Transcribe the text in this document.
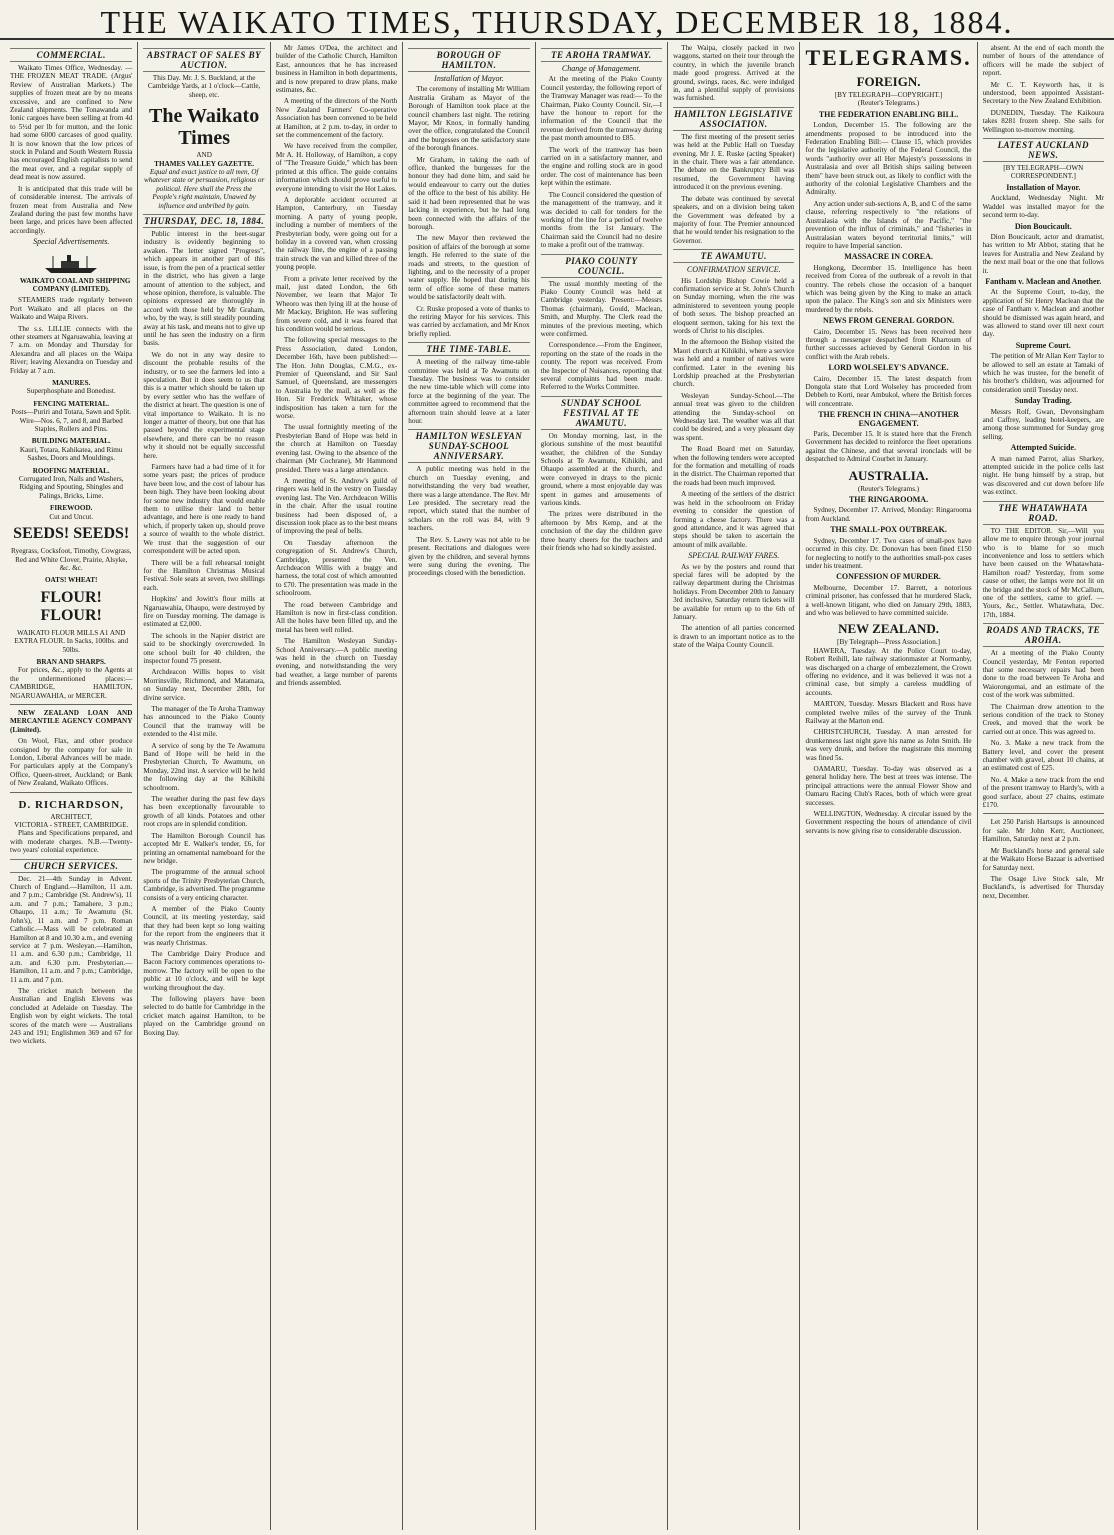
THE WAIKATO TIMES, THURSDAY, DECEMBER 18, 1884.
COMMERCIAL.

Waikato Times Office, Wednesday. — THE FROZEN MEAT TRADE. (Argus' Review of Australian Markets.) The supplies of frozen meat are by no means excessive, and are confined to New Zealand shipments. The Tonawanda and Ionic cargoes have been selling at from 4d to 5½d per lb for mutton, and the Ionic had some 6000 carcases of good quality. It is now known that the low prices of stock in Poland and South Western Russia has encouraged English capitalists to send the meat over, and a regular supply of dead meat is now assured.

It is anticipated that this trade will be of considerable interest. The arrivals of frozen meat from Australia and New Zealand during the past few months have been large, and prices have been affected accordingly.

Special Advertisements.

WAIKATO COAL AND SHIPPING COMPANY (LIMITED).

STEAMERS trade regularly between Port Waikato and all places on the Waikato and Waipa Rivers.

The s.s. LILLIE connects with the other steamers at Ngaruawahia, leaving at 7 a.m. on Monday and Thursday for Alexandra and all places on the Waipa River; leaving Alexandra on Tuesday and Friday at 7 a.m.

MANURES.
Superphosphate and Bonedust.
FENCING MATERIAL.
Posts—Puriri and Totara, Sawn and Split. Wire—Nos. 6, 7, and 8, and Barbed Staples, Rollers and Pins.
BUILDING MATERIAL.
Kauri, Totara, Kahikatea, and Rimu Sashes, Doors and Mouldings.
ROOFING MATERIAL.
Corrugated Iron, Nails and Washers, Ridging and Spouting, Shingles and Palings, Bricks, Lime.
FIREWOOD.
Cut and Uncut.
SEEDS! SEEDS!
Ryegrass, Cocksfoot, Timothy, Cowgrass, Red and White Clover, Prairie, Alsyke, &c. &c.
OATS! WHEAT!
FLOUR! FLOUR!
WAIKATO FLOUR MILLS A1 AND EXTRA FLOUR. In Sacks, 100lbs. and 50lbs.
BRAN AND SHARPS.

For prices, &c., apply to the Agents at the undermentioned places:— CAMBRIDGE, HAMILTON, NGARUAWAHIA, or MERCER.

NEW ZEALAND LOAN AND MERCANTILE AGENCY COMPANY (Limited).

On Wool, Flax, and other produce consigned by the company for sale in London, Liberal Advances will be made. For particulars apply at the Company's Office, Queen-street, Auckland; or Bank of New Zealand, Waikato Offices.

D. RICHARDSON,
ARCHITECT,
VICTORIA - STREET, CAMBRIDGE.

Plans and Specifications prepared, and with moderate charges. N.B.—Twenty-two years' colonial experience.

CHURCH SERVICES.

Dec. 21—4th Sunday in Advent. Church of England.—Hamilton, 11 a.m. and 7 p.m.; Cambridge (St. Andrew's), 11 a.m. and 7 p.m.; Tamahere, 3 p.m.; Ohaupo, 11 a.m.; Te Awamutu (St. John's), 11 a.m. and 7 p.m. Roman Catholic.—Mass will be celebrated at Hamilton at 8 and 10.30 a.m., and evening service at 7 p.m. Wesleyan.—Hamilton, 11 a.m. and 6.30 p.m.; Cambridge, 11 a.m. and 6.30 p.m. Presbyterian.—Hamilton, 11 a.m. and 7 p.m.; Cambridge, 11 a.m. and 7 p.m.

The cricket match between the Australian and English Elevens was concluded at Adelaide on Tuesday. The English won by eight wickets. The total scores of the match were — Australians 243 and 191; Englishmen 369 and 67 for two wickets.

ABSTRACT OF SALES BY AUCTION.

This Day. Mr. J. S. Buckland, at the Cambridge Yards, at 1 o'clock—Cattle, sheep, etc.

The Waikato Times
AND
THAMES VALLEY GAZETTE.

Equal and exact justice to all men, Of whatever state or persuasion, religious or political. Here shall the Press the People's right maintain, Unawed by influence and unbribed by gain.

THURSDAY, DEC. 18, 1884.

Public interest in the beet-sugar industry is evidently beginning to awaken. The letter signed "Progress", which appears in another part of this issue, is from the pen of a practical settler in the district, who has given a large amount of attention to the subject, and whose opinion, therefore, is valuable. The opinions expressed are thoroughly in accord with those held by Mr Graham, who, by the way, is still steadily pounding away at his task, and means not to give up until he has seen the industry on a firm basis.

We do not in any way desire to discount the probable results of the industry, or to see the farmers led into a speculation. But it does seem to us that this is a matter which should be taken up by every settler who has the welfare of the district at heart. The question is one of vital importance to Waikato. It is no longer a matter of theory, but one that has passed beyond the experimental stage elsewhere, and there can be no reason why it should not be equally successful here.

Farmers have had a bad time of it for some years past; the prices of produce have been low, and the cost of labour has been high. They have been looking about for some new industry that would enable them to utilise their land to better advantage, and here is one ready to hand which, if properly taken up, should prove a source of wealth to the whole district. We trust that the suggestion of our correspondent will be acted upon.

There will be a full rehearsal tonight for the Hamilton Christmas Musical Festival. Sole seats at seven, two shillings each.

Hopkins' and Jowitt's flour mills at Ngaruawahia, Ohaupo, were destroyed by fire on Tuesday morning. The damage is estimated at £2,000.

The schools in the Napier district are said to be shockingly overcrowded. In one school built for 40 children, the inspector found 75 present.

Archdeacon Willis hopes to visit Morrinsville, Richmond, and Matamata, on Sunday next, December 28th, for divine service.

The manager of the Te Aroha Tramway has announced to the Piako County Council that the tramway will be extended to the 41st mile.

A service of song by the Te Awamutu Band of Hope will be held in the Presbyterian Church, Te Awamutu, on Monday, 22nd inst. A service will be held the following day at the Kihikihi schoolroom.

The weather during the past few days has been exceptionally favourable to growth of all kinds. Potatoes and other root crops are in splendid condition.

The Hamilton Borough Council has accepted Mr E. Walker's tender, £6, for printing an ornamental nameboard for the new bridge.

The programme of the annual school sports of the Trinity Presbyterian Church, Cambridge, is advertised. The programme consists of a very enticing character.

A member of the Piako County Council, at its meeting yesterday, said that they had been kept so long waiting for the report from the engineers that it was nearly Christmas.

The Cambridge Dairy Produce and Bacon Factory commences operations to-morrow. The factory will be open to the public at 10 o'clock, and will be kept working throughout the day.

The following players have been selected to do battle for Cambridge in the cricket match against Hamilton, to be played on the Cambridge ground on Boxing Day.

Mr James O'Dea, the architect and builder of the Catholic Church, Hamilton East, announces that he has increased business in Hamilton in both departments, and is now prepared to draw plans, make estimates, &c.

A meeting of the directors of the North New Zealand Farmers' Co-operative Association has been convened to be held at Hamilton, at 2 p.m. to-day, in order to set the commencement of the factory.

We have received from the compiler, Mr A. H. Holloway, of Hamilton, a copy of "The Treasure Guide," which has been printed at this office. The guide contains information which should prove useful to everyone intending to visit the Hot Lakes.

A deplorable accident occurred at Hampton, Canterbury, on Tuesday morning. A party of young people, including a number of members of the Presbyterian body, were going out for a holiday in a covered van, when crossing the railway line, the engine of a passing train struck the van and killed three of the young people.

From a private letter received by the mail, just dated London, the 6th November, we learn that Major Te Wheoro was then lying ill at the house of Mr Mackay, Brighton. He was suffering from severe cold, and it was feared that his condition would be serious.

The following special messages to the Press Association, dated London, December 16th, have been published:—The Hon. John Douglas, C.M.G., ex-Premier of Queensland, and Sir Saul Samuel, of Queensland, are messengers to Australia by the mail, as well as the Hon. Sir Frederick Whitaker, whose indisposition has taken a turn for the worse.

The usual fortnightly meeting of the Presbyterian Band of Hope was held in the church at Hamilton on Tuesday evening last. Owing to the absence of the chairman (Mr Cochrane), Mr Hammond presided. There was a large attendance.

A meeting of St. Andrew's guild of ringers was held in the vestry on Tuesday evening last. The Ven. Archdeacon Willis in the chair. After the usual routine business had been disposed of, a discussion took place as to the best means of improving the peal of bells.

On Tuesday afternoon the congregation of St. Andrew's Church, Cambridge, presented the Ven. Archdeacon Willis with a buggy and harness, the total cost of which amounted to £70. The presentation was made in the schoolroom.

The road between Cambridge and Hamilton is now in first-class condition. All the holes have been filled up, and the metal has been well rolled.

The Hamilton Wesleyan Sunday-School Anniversary.—A public meeting was held in the church on Tuesday evening, and notwithstanding the very bad weather, a large number of parents and friends assembled.

BOROUGH OF HAMILTON.
Installation of Mayor.

The ceremony of installing Mr William Australia Graham as Mayor of the Borough of Hamilton took place at the council chambers last night. The retiring Mayor, Mr Knox, in formally handing over the office, congratulated the Council and the burgesses on the satisfactory state of the borough finances.

Mr Graham, in taking the oath of office, thanked the burgesses for the honour they had done him, and said he would endeavour to carry out the duties of the office to the best of his ability. He said it had been represented that he was lacking in experience, but he had long been connected with the affairs of the borough.

The new Mayor then reviewed the position of affairs of the borough at some length. He referred to the state of the roads and streets, to the question of lighting, and to the necessity of a proper water supply. He hoped that during his term of office some of these matters would be satisfactorily dealt with.

Cr. Ruske proposed a vote of thanks to the retiring Mayor for his services. This was carried by acclamation, and Mr Knox briefly replied.

THE TIME-TABLE.

A meeting of the railway time-table committee was held at Te Awamutu on Tuesday. The business was to consider the new time-table which will come into force at the beginning of the year. The committee agreed to recommend that the afternoon train should leave at a later hour.

HAMILTON WESLEYAN SUNDAY-SCHOOL ANNIVERSARY.

A public meeting was held in the church on Tuesday evening, and notwithstanding the very bad weather, there was a large attendance. The Rev. Mr Lee presided. The secretary read the report, which stated that the number of scholars on the roll was 84, with 9 teachers.

The Rev. S. Lawry was not able to be present. Recitations and dialogues were given by the children, and several hymns were sung during the evening. The proceedings closed with the benediction.

TE AROHA TRAMWAY.
Change of Management.

At the meeting of the Piako County Council yesterday, the following report of the Tramway Manager was read:— To the Chairman, Piako County Council. Sir,—I have the honour to report for the information of the Council that the revenue derived from the tramway during the past month amounted to £85.

The work of the tramway has been carried on in a satisfactory manner, and the engine and rolling stock are in good order. The cost of maintenance has been kept within the estimate.

The Council considered the question of the management of the tramway, and it was decided to call for tenders for the working of the line for a period of twelve months from the 1st January. The Chairman said the Council had no desire to make a profit out of the tramway.

PIAKO COUNTY COUNCIL.

The usual monthly meeting of the Piako County Council was held at Cambridge yesterday. Present:—Messrs Thomas (chairman), Gould, Maclean, Smith, and Murphy. The Clerk read the minutes of the previous meeting, which were confirmed.

Correspondence.—From the Engineer, reporting on the state of the roads in the county. The report was received. From the Inspector of Nuisances, reporting that several complaints had been made. Referred to the Works Committee.

SUNDAY SCHOOL FESTIVAL AT TE AWAMUTU.

On Monday morning, last, in the glorious sunshine of the most beautiful weather, the children of the Sunday Schools at Te Awamutu, Kihikihi, and Ohaupo assembled at the church, and were conveyed in drays to the picnic ground, where a most enjoyable day was spent in games and amusements of various kinds.

The prizes were distributed in the afternoon by Mrs Kemp, and at the conclusion of the day the children gave three hearty cheers for the teachers and their friends who had so kindly assisted.

The Waipa, closely packed in two waggons, started on their tour through the country, in which the juvenile branch made good progress. Arrived at the ground, swings, races, &c. were indulged in, and a plentiful supply of provisions was furnished.

HAMILTON LEGISLATIVE ASSOCIATION.

The first meeting of the present series was held at the Public Hall on Tuesday evening. Mr J. E. Ruske (acting Speaker) in the chair. There was a fair attendance. The debate on the Bankruptcy Bill was resumed, the Government having introduced it on the previous evening.

The debate was continued by several speakers, and on a division being taken the Government was defeated by a majority of four. The Premier announced that he would tender his resignation to the Governor.

TE AWAMUTU.
CONFIRMATION SERVICE.

His Lordship Bishop Cowie held a confirmation service at St. John's Church on Sunday morning, when the rite was administered to seventeen young people of both sexes. The bishop preached an eloquent sermon, taking for his text the words of Christ to his disciples.

In the afternoon the Bishop visited the Maori church at Kihikihi, where a service was held and a number of natives were confirmed. Later in the evening his Lordship preached at the Presbyterian church.

Wesleyan Sunday-School.—The annual treat was given to the children attending the Sunday-school on Wednesday last. The weather was all that could be desired, and a very pleasant day was spent.

The Road Board met on Saturday, when the following tenders were accepted for the formation and metalling of roads in the district. The Chairman reported that the roads had been much improved.

A meeting of the settlers of the district was held in the schoolroom on Friday evening to consider the question of forming a cheese factory. There was a good attendance, and it was agreed that steps should be taken to ascertain the amount of milk available.

SPECIAL RAILWAY FARES.

As we by the posters and round that special fares will be adopted by the railway department during the Christmas holidays. From December 20th to January 3rd inclusive, Saturday return tickets will be available for return up to the 6th of January.

The attention of all parties concerned is drawn to an important notice as to the state of the Waipa County Council.

TELEGRAMS.
FOREIGN.
[BY TELEGRAPH—COPYRIGHT.]
(Reuter's Telegrams.)
THE FEDERATION ENABLING BILL.

London, December 15. The following are the amendments proposed to be introduced into the Federation Enabling Bill:— Clause 15, which provides for the legislative authority of the Federal Council, the words "authority over all Her Majesty's possessions in Australasia and over all British ships sailing between them" have been struck out, as likely to conflict with the authority of the colonial Legislative Chambers and the Admiralty.

Any action under sub-sections A, B, and C of the same clause, referring respectively to "the relations of Australasia with the Islands of the Pacific," "the prevention of the influx of criminals," and "fisheries in Australasian waters beyond territorial limits," will require to have Imperial sanction.

MASSACRE IN COREA.

Hongkong, December 15. Intelligence has been received from Corea of the outbreak of a revolt in that country. The rebels chose the occasion of a banquet which was being given by the King to make an attack upon the palace. The King's son and six Ministers were murdered by the rebels.

NEWS FROM GENERAL GORDON.

Cairo, December 15. News has been received here through a messenger despatched from Khartoum of further successes achieved by General Gordon in his conflict with the Arab rebels.

LORD WOLSELEY'S ADVANCE.

Cairo, December 15. The latest despatch from Dongola state that Lord Wolseley has proceeded from Debbeh to Korti, near Ambukol, where the British forces will concentrate.

THE FRENCH IN CHINA—ANOTHER ENGAGEMENT.

Paris, December 15. It is stated here that the French Government has decided to reinforce the fleet operations against the Chinese, and that several ironclads will be despatched to Admiral Courbet in January.

AUSTRALIA.
(Reuter's Telegrams.)
THE RINGAROOMA.

Sydney, December 17. Arrived, Monday: Ringarooma from Auckland.

THE SMALL-POX OUTBREAK.

Sydney, December 17. Two cases of small-pox have occurred in this city. Dr. Donovan has been fined £150 for neglecting to notify to the authorities small-pox cases under his treatment.

CONFESSION OF MURDER.

Melbourne, December 17. Barrett, a notorious criminal prisoner, has confessed that he murdered Slack, a well-known litigant, who died on January 29th, 1883, and who was believed to have committed suicide.

NEW ZEALAND.
[By Telegraph—Press Association.]

HAWERA, Tuesday. At the Police Court to-day, Robert Reihill, late railway stationmaster at Normanby, was discharged on a charge of embezzlement, the Crown offering no evidence, and it was believed it was not a criminal case, but simply a careless muddling of accounts.

MARTON, Tuesday. Messrs Blackett and Ross have completed twelve miles of the survey of the Trunk Railway at the Marton end.

CHRISTCHURCH, Tuesday. A man arrested for drunkenness last night gave his name as John Smith. He was very drunk, and before the magistrate this morning was fined 5s.

OAMARU, Tuesday. To-day was observed as a general holiday here. The best at trees was intense. The principal attractions were the annual Flower Show and Oamaru Racing Club's Races, both of which were great successes.

WELLINGTON, Wednesday. A circular issued by the Government respecting the hours of attendance of civil servants is now giving rise to considerable discussion.

absent. At the end of each month the number of hours of the attendance of officers will be made the subject of report.

Mr C. T. Keyworth has, it is understood, been appointed Assistant-Secretary to the New Zealand Exhibition.

DUNEDIN, Tuesday. The Kaikoura takes 8281 frozen sheep. She sails for Wellington to-morrow morning.

LATEST AUCKLAND NEWS.
[BY TELEGRAPH—OWN CORRESPONDENT.]
Installation of Mayor.

Auckland, Wednesday Night. Mr Waddel was installed mayor for the second term to-day.

Dion Boucicault.

Dion Boucicault, actor and dramatist, has written to Mr Abbot, stating that he leaves for Australia and New Zealand by the next mail boat or the one that follows it.

Fantham v. Maclean and Another.

At the Supreme Court, to-day, the application of Sir Henry Maclean that the case of Fantham v. Maclean and another should be dismissed was again heard, and was allowed to stand over till next court day.

Supreme Court.

The petition of Mr Allan Kerr Taylor to be allowed to sell an estate at Tamaki of which he was trustee, for the benefit of his brother's children, was adjourned for consideration until Tuesday next.

Sunday Trading.

Messrs Rolf, Gwan, Devonsingham and Caffrey, leading hotel-keepers, are among those summoned for Sunday grog selling.

Attempted Suicide.

A man named Parrot, alias Sharkey, attempted suicide in the police cells last night. He hung himself by a strap, but was discovered and cut down before life was extinct.

THE WHATAWHATA ROAD.

TO THE EDITOR. Sir,—Will you allow me to enquire through your journal who is to blame for so much inconvenience and loss to settlers which have been caused on the Whatawhata-Hamilton road? Yesterday, from some cause or other, the lamps were not lit on the bridge and the stock of Mr McCallum, one of the settlers, came to grief. — Yours, &c., Settler. Whatawhata, Dec. 17th, 1884.

ROADS AND TRACKS, TE AROHA.

At a meeting of the Piako County Council yesterday, Mr Fenton reported that some necessary repairs had been done to the road between Te Aroha and Waiorongomai, and an estimate of the cost of the work was submitted.

The Chairman drew attention to the serious condition of the track to Stoney Creek, and moved that the work be carried out at once. This was agreed to.

No. 3. Make a new track from the Battery level, and cover the present chamber with gravel, about 10 chains, at an estimated cost of £25.

No. 4. Make a new track from the end of the present tramway to Hardy's, with a good surface, about 27 chains, estimate £170.

Let 250 Parish Hartsups is announced for sale. Mr John Kerr, Auctioneer, Hamilton, Saturday next at 2 p.m.

Mr Buckland's horse and general sale at the Waikato Horse Bazaar is advertised for Saturday next.

The Osage Live Stock sale, Mr Buckland's, is advertised for Thursday next, December.
